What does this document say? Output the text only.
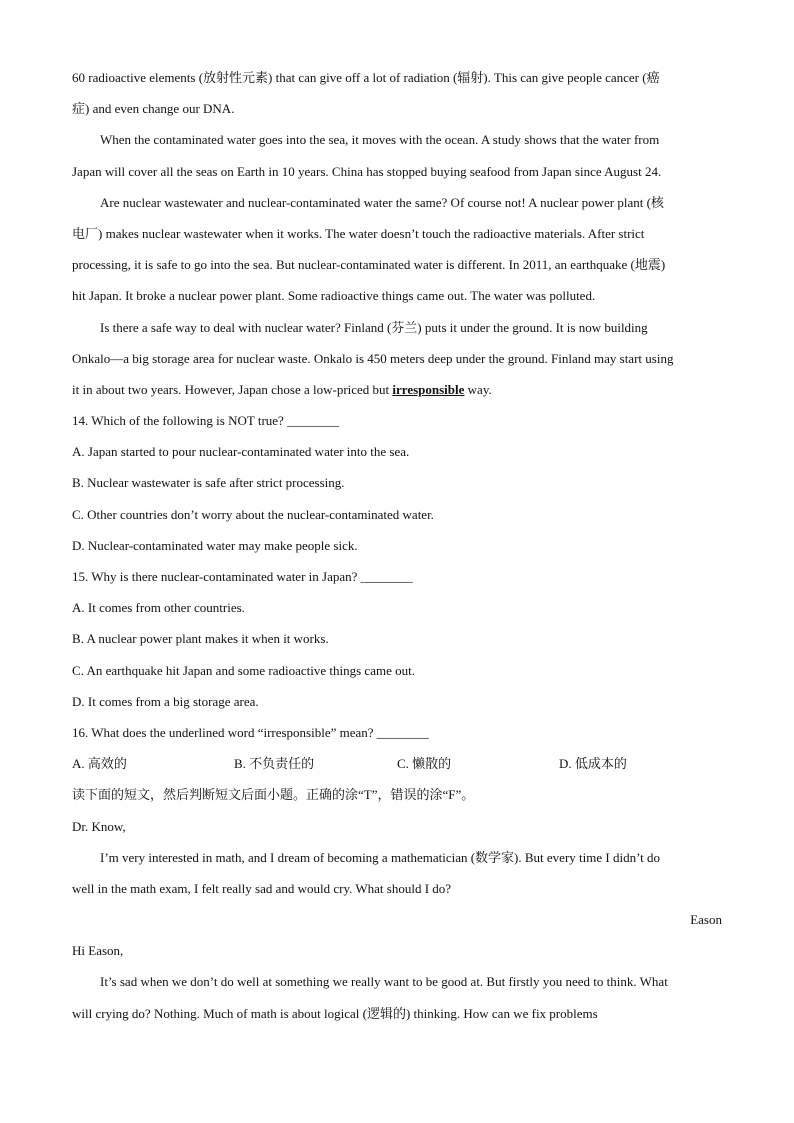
60 radioactive elements (放射性元素) that can give off a lot of radiation (辐射). This can give people cancer (癌
症) and even change our DNA.
When the contaminated water goes into the sea, it moves with the ocean. A study shows that the water from
Japan will cover all the seas on Earth in 10 years. China has stopped buying seafood from Japan since August 24.
Are nuclear wastewater and nuclear-contaminated water the same? Of course not! A nuclear power plant (核
电厂) makes nuclear wastewater when it works. The water doesn’t touch the radioactive materials. After strict
processing, it is safe to go into the sea. But nuclear-contaminated water is different. In 2011, an earthquake (地震)
hit Japan. It broke a nuclear power plant. Some radioactive things came out. The water was polluted.
Is there a safe way to deal with nuclear water? Finland (芬兰) puts it under the ground. It is now building
Onkalo—a big storage area for nuclear waste. Onkalo is 450 meters deep under the ground. Finland may start using
it in about two years. However, Japan chose a low-priced but irresponsible way.
14. Which of the following is NOT true? ________
A. Japan started to pour nuclear-contaminated water into the sea.
B. Nuclear wastewater is safe after strict processing.
C. Other countries don’t worry about the nuclear-contaminated water.
D. Nuclear-contaminated water may make people sick.
15. Why is there nuclear-contaminated water in Japan? ________
A. It comes from other countries.
B. A nuclear power plant makes it when it works.
C. An earthquake hit Japan and some radioactive things came out.
D. It comes from a big storage area.
16. What does the underlined word “irresponsible” mean? ________
A. 高效的	B. 不负责任的	C. 懒散的	D. 低成本的
读下面的短文，然后判断短文后面小题。正确的涂“T”，错误的涂“F”。
Dr. Know,
I’m very interested in math, and I dream of becoming a mathematician (数学家). But every time I didn’t do
well in the math exam, I felt really sad and would cry. What should I do?
Eason
Hi Eason,
It’s sad when we don’t do well at something we really want to be good at. But firstly you need to think. What
will crying do? Nothing. Much of math is about logical (逻辑的) thinking. How can we fix problems
